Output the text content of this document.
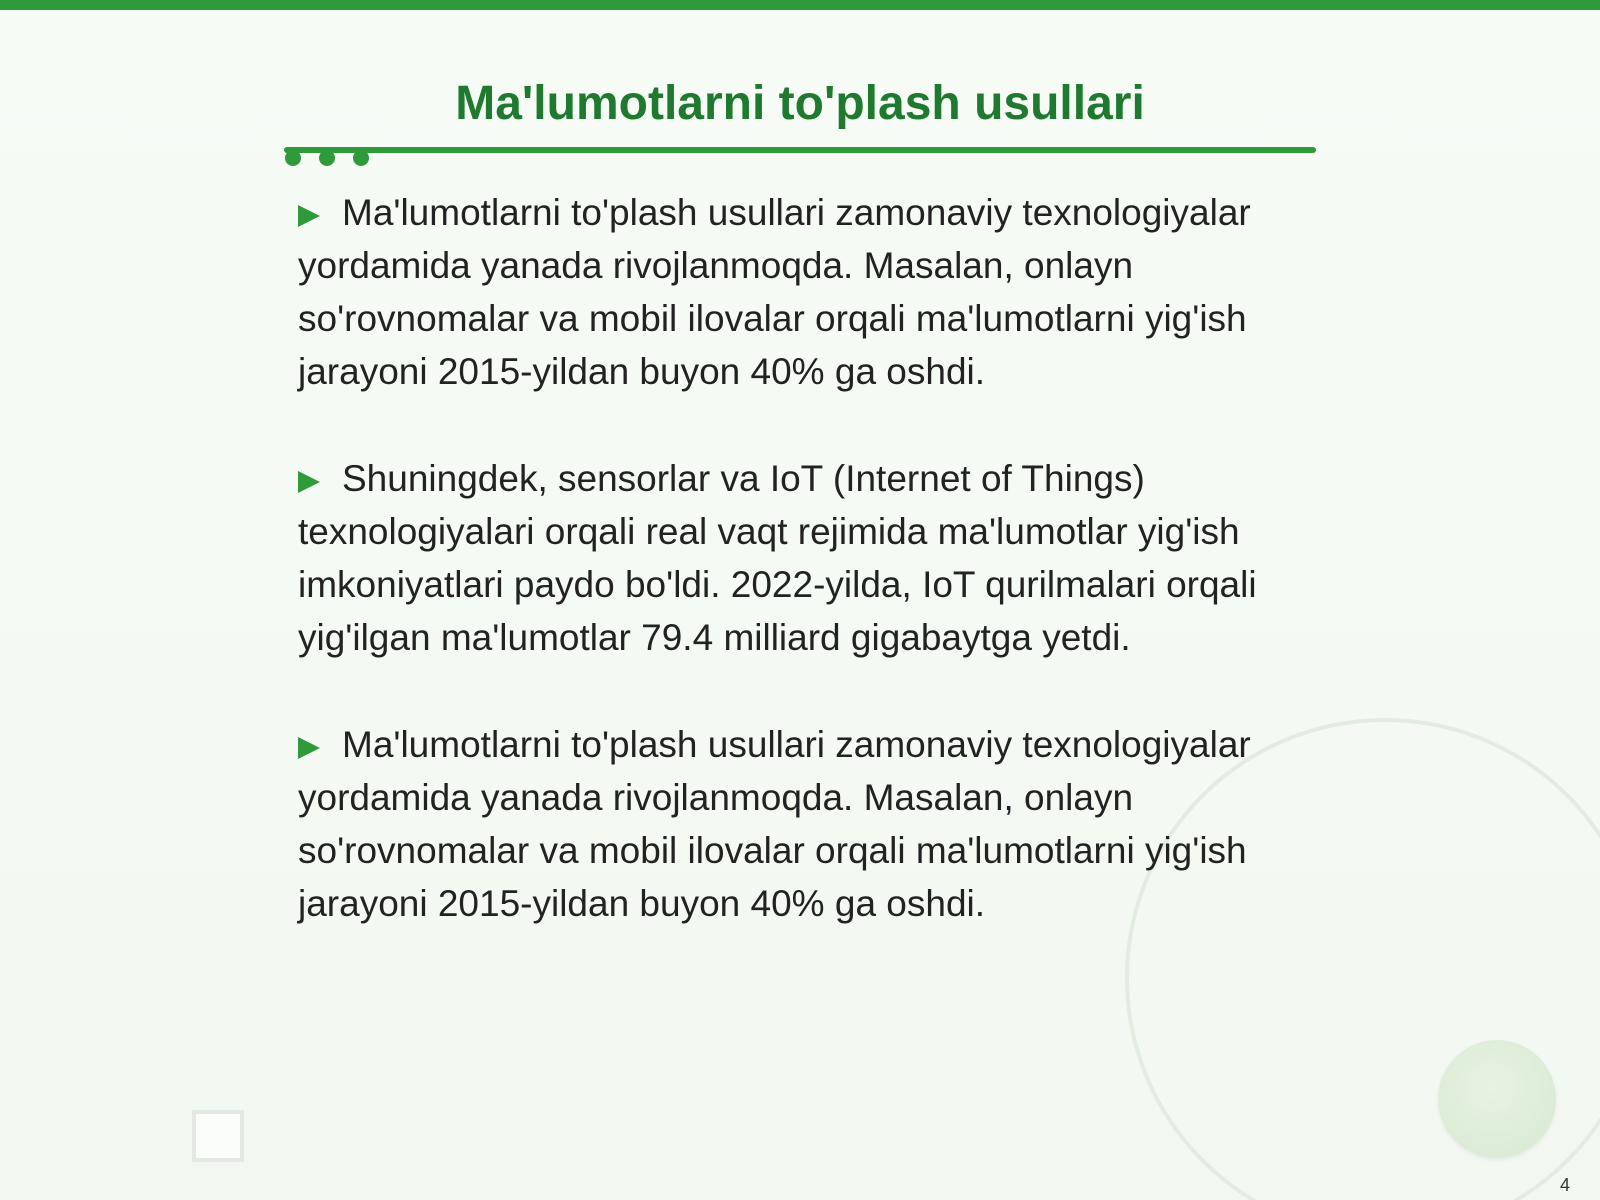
Ma'lumotlarni to'plash usullari

Ma'lumotlarni to'plash usullari zamonaviy texnologiyalar yordamida yanada rivojlanmoqda. Masalan, onlayn so'rovnomalar va mobil ilovalar orqali ma'lumotlarni yig'ish jarayoni 2015-yildan buyon 40% ga oshdi.

Shuningdek, sensorlar va IoT (Internet of Things) texnologiyalari orqali real vaqt rejimida ma'lumotlar yig'ish imkoniyatlari paydo bo'ldi. 2022-yilda, IoT qurilmalari orqali yig'ilgan ma'lumotlar 79.4 milliard gigabaytga yetdi.

Ma'lumotlarni to'plash usullari zamonaviy texnologiyalar yordamida yanada rivojlanmoqda. Masalan, onlayn so'rovnomalar va mobil ilovalar orqali ma'lumotlarni yig'ish jarayoni 2015-yildan buyon 40% ga oshdi.

4
